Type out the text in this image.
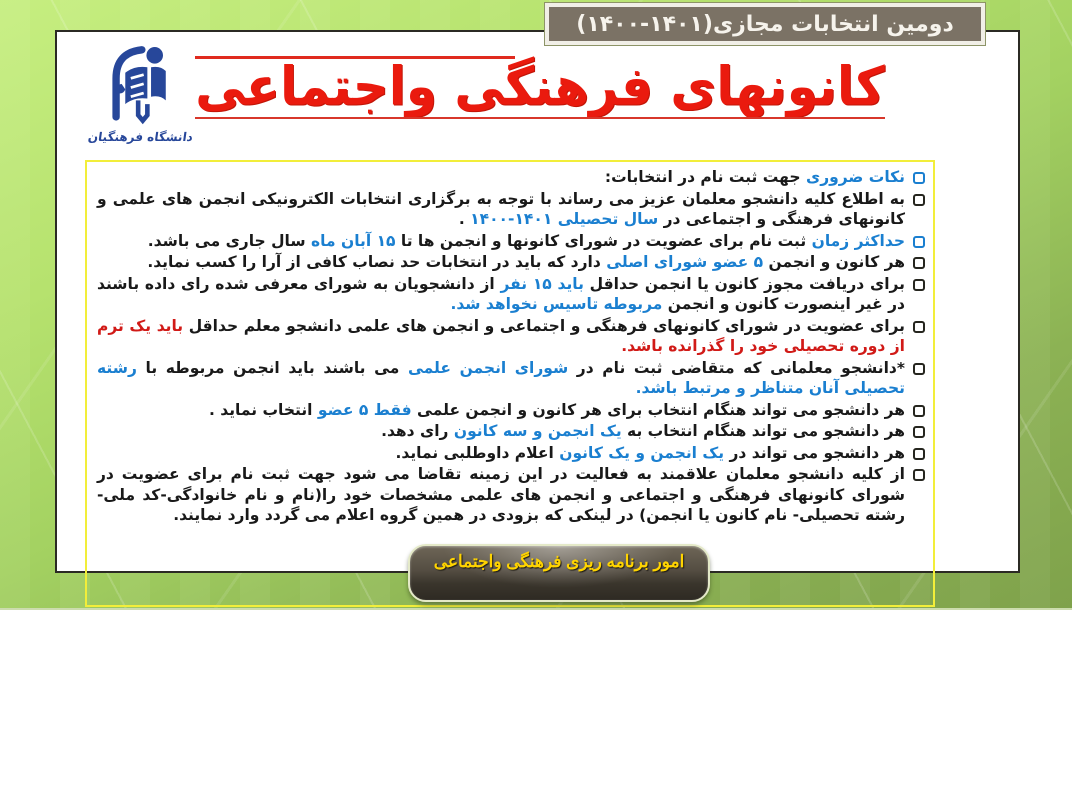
دومین انتخابات مجازی(۱۴۰۱-۱۴۰۰)
دانشگاه فرهنگیان
کانونهای فرهنگی واجتماعی
نکات ضروری جهت ثبت نام در انتخابات:
به اطلاع کلیه دانشجو معلمان عزیز می رساند با توجه به برگزاری انتخابات الکترونیکی انجمن های علمی و کانونهای فرهنگی و اجتماعی در سال تحصیلی ۱۴۰۱-۱۴۰۰ .
حداکثر زمان ثبت نام برای عضویت در شورای کانونها و انجمن ها تا ۱۵ آبان ماه سال جاری می باشد.
هر کانون و انجمن ۵ عضو شورای اصلی دارد که باید در انتخابات حد نصاب کافی از آرا را کسب نماید.
برای دریافت مجوز کانون یا انجمن حداقل باید ۱۵ نفر از دانشجویان به شورای معرفی شده رای داده باشند در غیر اینصورت کانون و انجمن مربوطه تاسیس نخواهد شد.
برای عضویت در شورای کانونهای فرهنگی و اجتماعی و انجمن های علمی دانشجو معلم حداقل باید یک ترم از دوره تحصیلی خود را گذرانده باشد.
*دانشجو معلمانی که متقاضی ثبت نام در شورای انجمن علمی می باشند باید انجمن مربوطه با رشته تحصیلی آنان متناظر و مرتبط باشد.
هر دانشجو می تواند هنگام انتخاب برای هر کانون و انجمن علمی فقط ۵ عضو انتخاب نماید .
هر دانشجو می تواند هنگام انتخاب به یک انجمن و سه کانون رای دهد.
هر دانشجو می تواند در یک انجمن و یک کانون اعلام داوطلبی نماید.
از کلیه دانشجو معلمان علاقمند به فعالیت در این زمینه تقاضا می شود جهت ثبت نام برای عضویت در شورای کانونهای فرهنگی و اجتماعی و انجمن های علمی مشخصات خود را(نام و نام خانوادگی-کد ملی-رشته تحصیلی- نام کانون یا انجمن) در لینکی که بزودی در همین گروه اعلام می گردد وارد نمایند.
امور برنامه ریزی فرهنگی واجتماعی
